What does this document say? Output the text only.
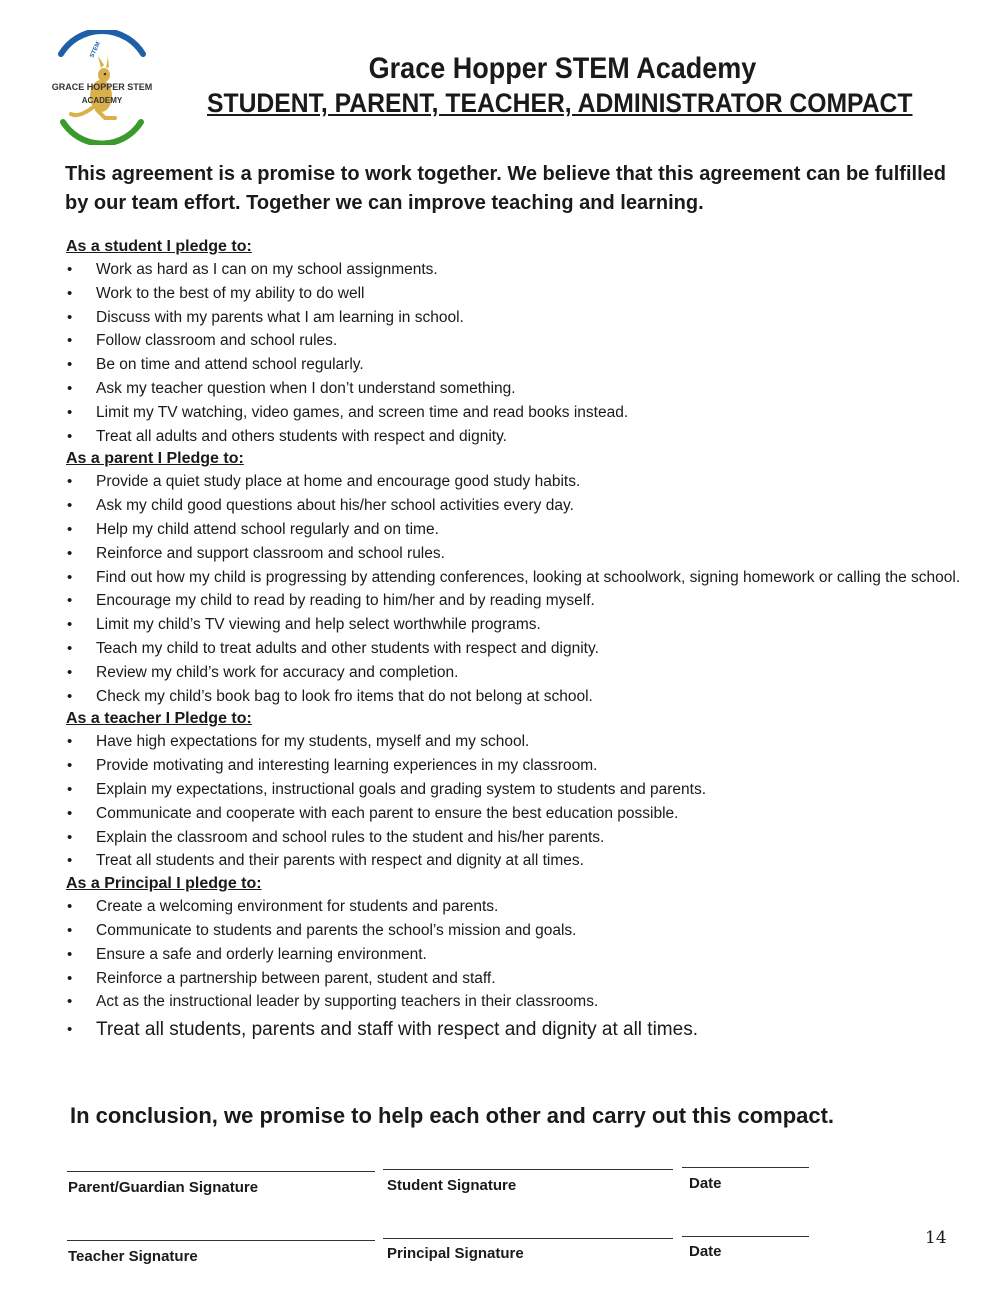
STEM
GRACE HOPPER STEM
ACADEMY
Grace Hopper STEM Academy
STUDENT, PARENT, TEACHER, ADMINISTRATOR COMPACT
This agreement is a promise to work together. We believe that this agreement can be fulfilled by our team effort. Together we can improve teaching and learning.
As a student I pledge to:
• Work as hard as I can on my school assignments.
• Work to the best of my ability to do well
• Discuss with my parents what I am learning in school.
• Follow classroom and school rules.
• Be on time and attend school regularly.
• Ask my teacher question when I don’t understand something.
• Limit my TV watching, video games, and screen time and read books instead.
• Treat all adults and others students with respect and dignity.
As a parent I Pledge to:
• Provide a quiet study place at home and encourage good study habits.
• Ask my child good questions about his/her school activities every day.
• Help my child attend school regularly and on time.
• Reinforce and support classroom and school rules.
• Find out how my child is progressing by attending conferences, looking at schoolwork, signing homework or calling the school.
• Encourage my child to read by reading to him/her and by reading myself.
• Limit my child’s TV viewing and help select worthwhile programs.
• Teach my child to treat adults and other students with respect and dignity.
• Review my child’s work for accuracy and completion.
• Check my child’s book bag to look fro items that do not belong at school.
As a teacher I Pledge to:
• Have high expectations for my students, myself and my school.
• Provide motivating and interesting learning experiences in my classroom.
• Explain my expectations, instructional goals and grading system to students and parents.
• Communicate and cooperate with each parent to ensure the best education possible.
• Explain the classroom and school rules to the student and his/her parents.
• Treat all students and their parents with respect and dignity at all times.
As a Principal I pledge to:
• Create a welcoming environment for students and parents.
• Communicate to students and parents the school’s mission and goals.
• Ensure a safe and orderly learning environment.
• Reinforce a partnership between parent, student and staff.
• Act as the instructional leader by supporting teachers in their classrooms.
• Treat all students, parents and staff with respect and dignity at all times.
In conclusion, we promise to help each other and carry out this compact.
Parent/Guardian Signature	Student Signature	Date
Teacher Signature	Principal Signature	Date
14
